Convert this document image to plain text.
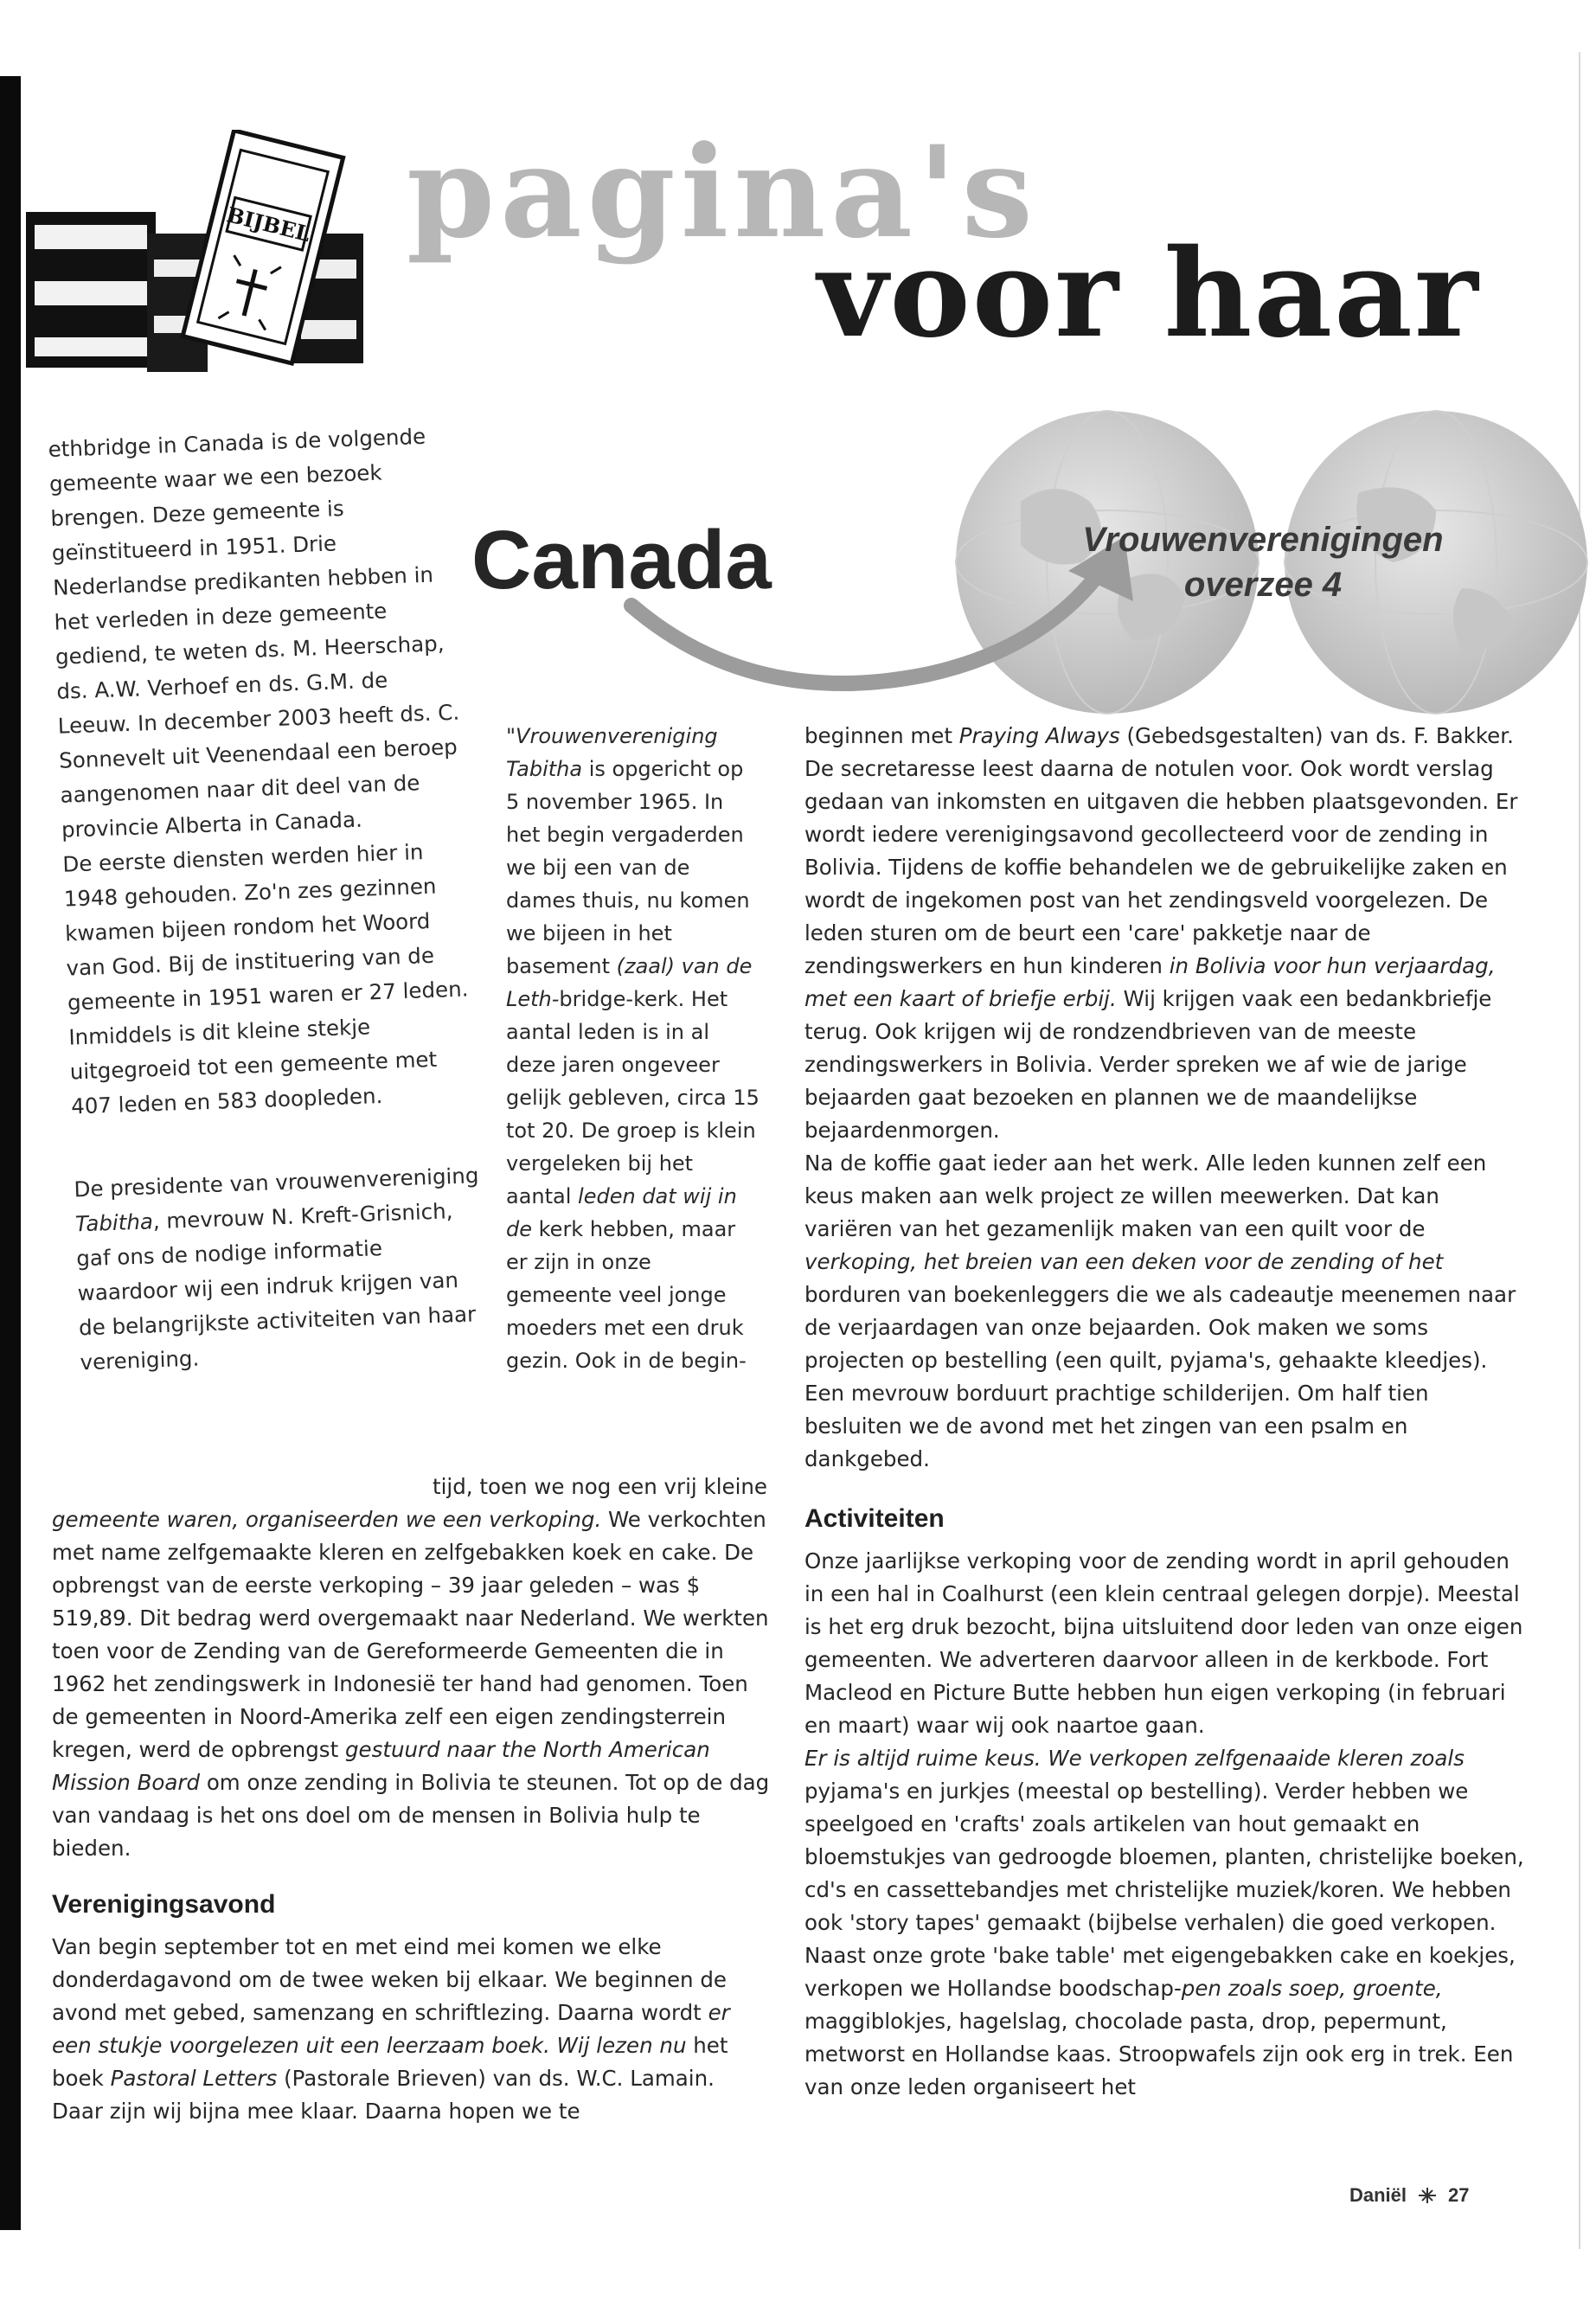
BIJBEL pagina's
voor haar
Canada	Vrouwenverenigingen
overzee 4

ethbridge in Canada is de volgende gemeente waar we een bezoek brengen. Deze gemeente is geïnstitueerd in 1951. Drie Nederlandse predikanten hebben in het verleden in deze gemeente gediend, te weten ds. M. Heerschap, ds. A.W. Verhoef en ds. G.M. de Leeuw. In december 2003 heeft ds. C. Sonnevelt uit Veenendaal een beroep aangenomen naar dit deel van de provincie Alberta in Canada.

De eerste diensten werden hier in 1948 gehouden. Zo'n zes gezinnen kwamen bijeen rondom het Woord van God. Bij de instituering van de gemeente in 1951 waren er 27 leden. Inmiddels is dit kleine stekje uitgegroeid tot een gemeente met 407 leden en 583 doopleden.

De presidente van vrouwenvereniging Tabitha, mevrouw N. Kreft-Grisnich, gaf ons de nodige informatie waardoor wij een indruk krijgen van de belangrijkste activiteiten van haar vereniging.

"Vrouwenvereniging Tabitha is opgericht op 5 november 1965. In het begin vergaderden we bij een van de dames thuis, nu komen we bijeen in het basement (zaal) van de Leth-bridge-kerk. Het aantal leden is in al deze jaren ongeveer gelijk gebleven, circa 15 tot 20. De groep is klein vergeleken bij het aantal leden dat wij in de kerk hebben, maar er zijn in onze gemeente veel jonge moeders met een druk gezin. Ook in de begin-

tijd, toen we nog een vrij kleine gemeente waren, organiseerden we een verkoping. We verkochten met name zelfgemaakte kleren en zelfgebakken koek en cake. De opbrengst van de eerste verkoping – 39 jaar geleden – was $ 519,89. Dit bedrag werd overgemaakt naar Nederland. We werkten toen voor de Zending van de Gereformeerde Gemeenten die in 1962 het zendingswerk in Indonesië ter hand had genomen. Toen de gemeenten in Noord-Amerika zelf een eigen zendingsterrein kregen, werd de opbrengst gestuurd naar the North American Mission Board om onze zending in Bolivia te steunen. Tot op de dag van vandaag is het ons doel om de mensen in Bolivia hulp te bieden.

Verenigingsavond

Van begin september tot en met eind mei komen we elke donderdagavond om de twee weken bij elkaar. We beginnen de avond met gebed, samenzang en schriftlezing. Daarna wordt er een stukje voorgelezen uit een leerzaam boek. Wij lezen nu het boek Pastoral Letters (Pastorale Brieven) van ds. W.C. Lamain. Daar zijn wij bijna mee klaar. Daarna hopen we te

beginnen met Praying Always (Gebedsgestalten) van ds. F. Bakker. De secretaresse leest daarna de notulen voor. Ook wordt verslag gedaan van inkomsten en uitgaven die hebben plaatsgevonden. Er wordt iedere verenigingsavond gecollecteerd voor de zending in Bolivia. Tijdens de koffie behandelen we de gebruikelijke zaken en wordt de ingekomen post van het zendingsveld voorgelezen. De leden sturen om de beurt een 'care' pakketje naar de zendingswerkers en hun kinderen in Bolivia voor hun verjaardag, met een kaart of briefje erbij. Wij krijgen vaak een bedankbriefje terug. Ook krijgen wij de rondzendbrieven van de meeste zendingswerkers in Bolivia. Verder spreken we af wie de jarige bejaarden gaat bezoeken en plannen we de maandelijkse bejaardenmorgen.

Na de koffie gaat ieder aan het werk. Alle leden kunnen zelf een keus maken aan welk project ze willen meewerken. Dat kan variëren van het gezamenlijk maken van een quilt voor de verkoping, het breien van een deken voor de zending of het borduren van boekenleggers die we als cadeautje meenemen naar de verjaardagen van onze bejaarden. Ook maken we soms projecten op bestelling (een quilt, pyjama's, gehaakte kleedjes). Een mevrouw borduurt prachtige schilderijen. Om half tien besluiten we de avond met het zingen van een psalm en dankgebed.

Activiteiten

Onze jaarlijkse verkoping voor de zending wordt in april gehouden in een hal in Coalhurst (een klein centraal gelegen dorpje). Meestal is het erg druk bezocht, bijna uitsluitend door leden van onze eigen gemeenten. We adverteren daarvoor alleen in de kerkbode. Fort Macleod en Picture Butte hebben hun eigen verkoping (in februari en maart) waar wij ook naartoe gaan.

Er is altijd ruime keus. We verkopen zelfgenaaide kleren zoals pyjama's en jurkjes (meestal op bestelling). Verder hebben we speelgoed en 'crafts' zoals artikelen van hout gemaakt en bloemstukjes van gedroogde bloemen, planten, christelijke boeken, cd's en cassettebandjes met christelijke muziek/koren. We hebben ook 'story tapes' gemaakt (bijbelse verhalen) die goed verkopen. Naast onze grote 'bake table' met eigengebakken cake en koekjes, verkopen we Hollandse boodschap-pen zoals soep, groente, maggiblokjes, hagelslag, chocolade pasta, drop, pepermunt, metworst en Hollandse kaas. Stroopwafels zijn ook erg in trek. Een van onze leden organiseert het

Daniël 27
